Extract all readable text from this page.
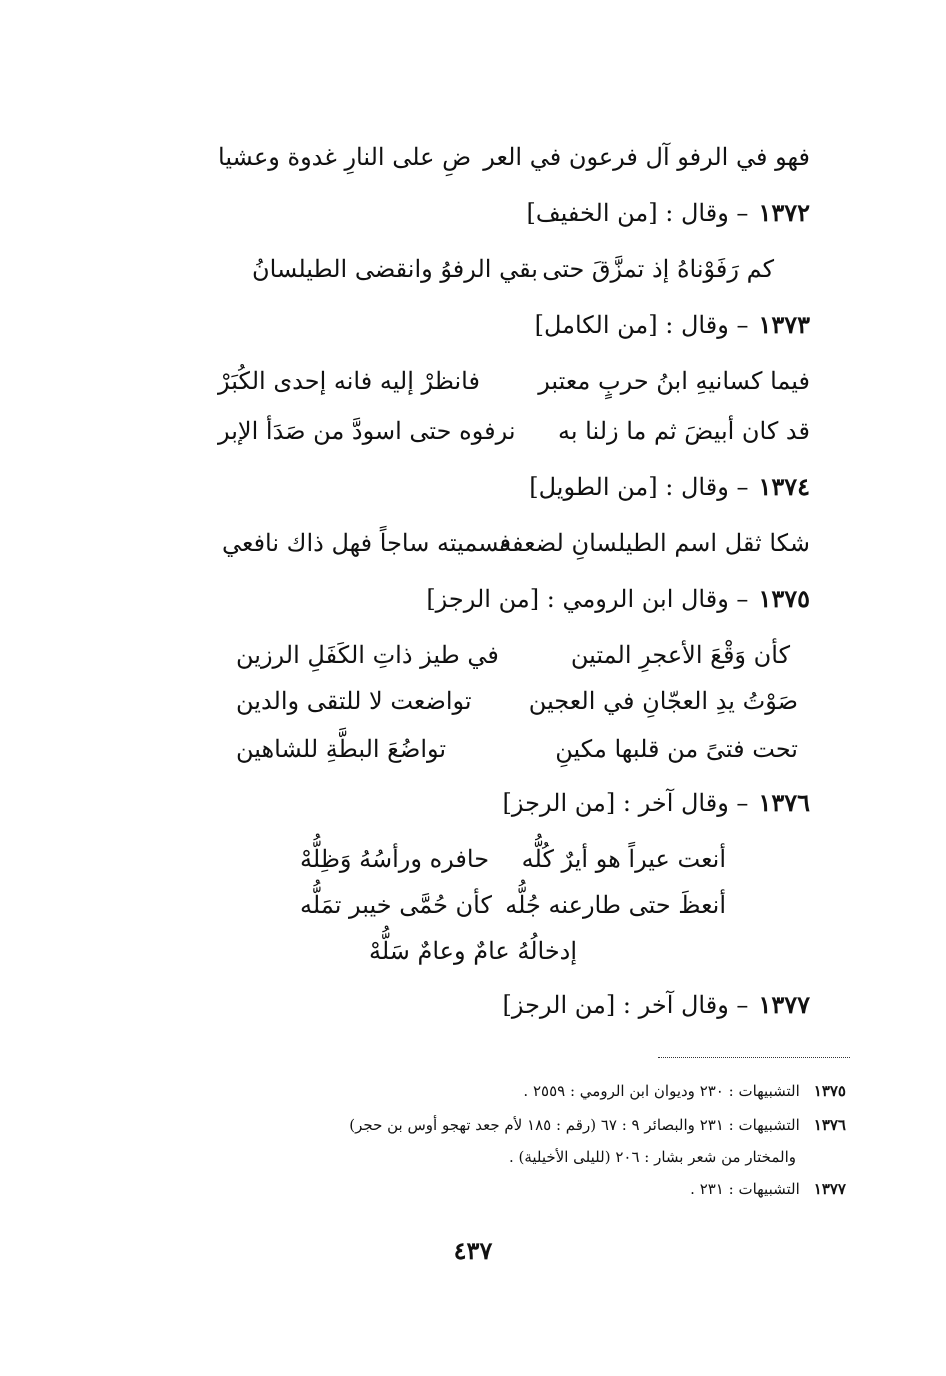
فهو في الرفو آل فرعون في العر
ضِ على النارِ غدوة وعشيا
١٣٧٢– وقال : [من الخفيف]
كم رَفَوْناهُ إذ تمزَّقَ حتى
بقي الرفوُ وانقضى الطيلسانُ
١٣٧٣– وقال : [من الكامل]
فيما كسانيهِ ابنُ حربٍ معتبر
فانظرْ إليه فانه إحدى الكُبَرْ
قد كان أبيضَ ثم ما زلنا به
نرفوه حتى اسودَّ من صَدَأ الإبر
١٣٧٤– وقال : [من الطويل]
شكا ثقل اسم الطيلسانِ لضعفه
فسميته ساجاً فهل ذاك نافعي
١٣٧٥– وقال ابن الرومي : [من الرجز]
كأن وَقْعَ الأعجرِ المتين
في طيز ذاتِ الكَفَلِ الرزين
صَوْتُ يدِ العجّانِ في العجين
تواضعت لا للتقى والدين
تحت فتىً من قلبها مكينِ
تواضُعَ البطَّةِ للشاهين
١٣٧٦– وقال آخر : [من الرجز]
أنعت عيراً هو أيرٌ كُلُّه
حافره ورأسُهُ وَظِلُّهْ
أنعظَ حتى طارعنه جُلُّه
كأن حُمَّى خيبر تمَلُّه
إدخالُهُ عامٌ وعامٌ سَلُّهْ
١٣٧٧– وقال آخر : [من الرجز]
١٣٧٥التشبيهات : ٢٣٠ وديوان ابن الرومي : ٢٥٥٩ .
١٣٧٦التشبيهات : ٢٣١ والبصائر ٩ : ٦٧ (رقم : ١٨٥ لأم جعد تهجو أوس بن حجر)
والمختار من شعر بشار : ٢٠٦ (لليلى الأخيلية) .
١٣٧٧التشبيهات : ٢٣١ .
٤٣٧
